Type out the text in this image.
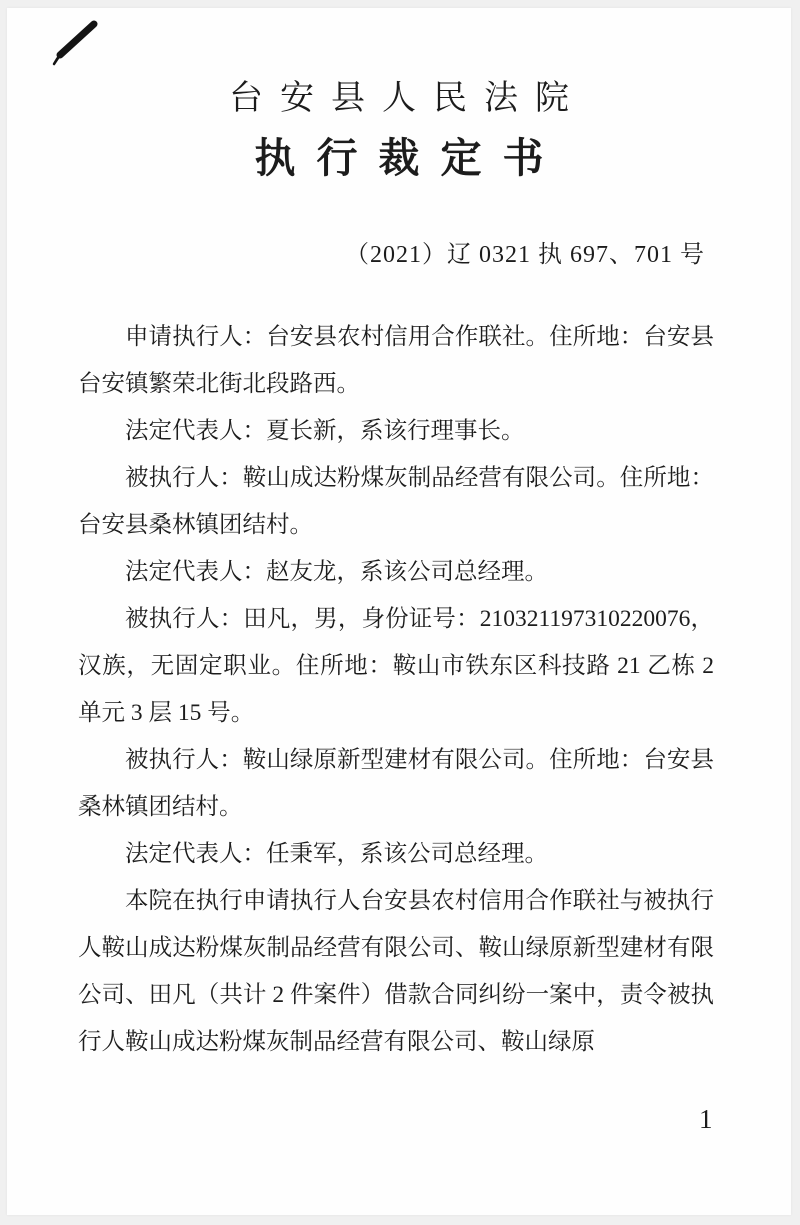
台安县人民法院
执行裁定书
（2021）辽 0321 执 697、701 号

申请执行人：台安县农村信用合作联社。住所地：台安县台安镇繁荣北街北段路西。

法定代表人：夏长新，系该行理事长。

被执行人：鞍山成达粉煤灰制品经营有限公司。住所地：台安县桑林镇团结村。

法定代表人：赵友龙，系该公司总经理。

被执行人：田凡，男，身份证号：210321197310220076，汉族，无固定职业。住所地：鞍山市铁东区科技路 21 乙栋 2 单元 3 层 15 号。

被执行人：鞍山绿原新型建材有限公司。住所地：台安县桑林镇团结村。

法定代表人：任秉军，系该公司总经理。

本院在执行申请执行人台安县农村信用合作联社与被执行人鞍山成达粉煤灰制品经营有限公司、鞍山绿原新型建材有限公司、田凡（共计 2 件案件）借款合同纠纷一案中，责令被执行人鞍山成达粉煤灰制品经营有限公司、鞍山绿原

1
